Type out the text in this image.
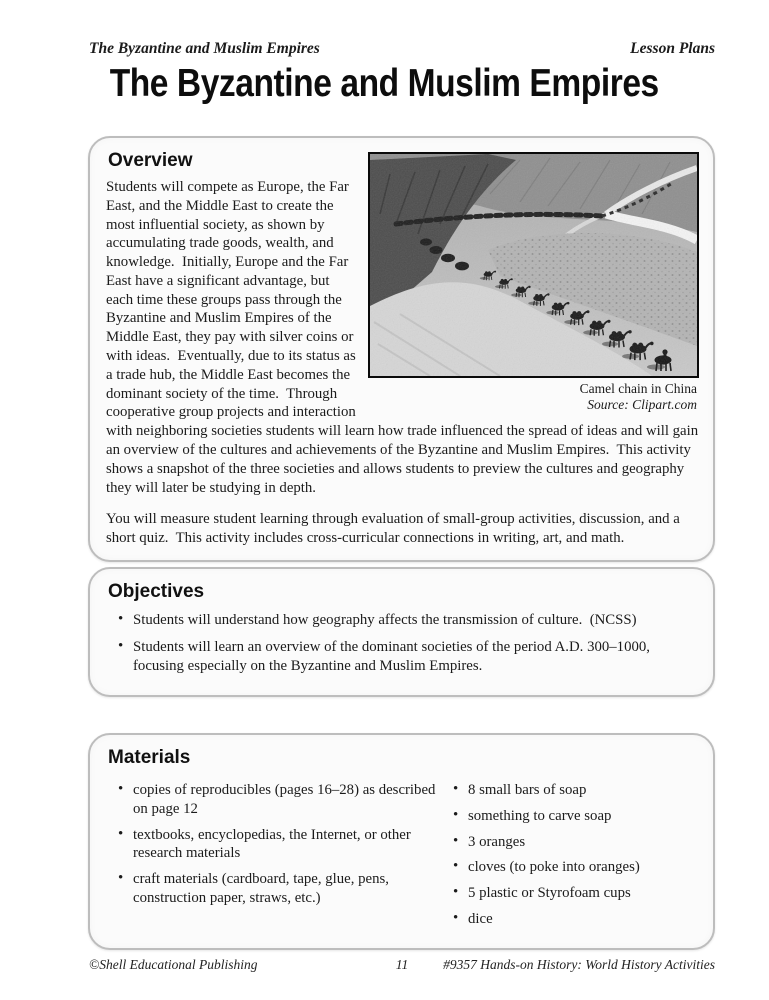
The Byzantine and Muslim Empires	Lesson Plans
The Byzantine and Muslim Empires
Camel chain in China
Source: Clipart.com
Overview

Students will compete as Europe, the Far East, and the Middle East to create the most influential society, as shown by accumulating trade goods, wealth, and knowledge.  Initially, Europe and the Far East have a significant advantage, but each time these groups pass through the Byzantine and Muslim Empires of the Middle East, they pay with silver coins or with ideas.  Eventually, due to its status as a trade hub, the Middle East becomes the dominant society of the time.  Through cooperative group projects and interaction with neighboring societies students will learn how trade influenced the spread of ideas and will gain an overview of the cultures and achievements of the Byzantine and Muslim Empires.  This activity shows a snapshot of the three societies and allows students to preview the cultures and geography they will later be studying in depth.

You will measure student learning through evaluation of small-group activities, discussion, and a short quiz.  This activity includes cross-curricular connections in writing, art, and math.

Objectives
• Students will understand how geography affects the transmission of culture.  (NCSS)
• Students will learn an overview of the dominant societies of the period A.D. 300–1000, focusing especially on the Byzantine and Muslim Empires.
Materials
• copies of reproducibles (pages 16–28) as described on page 12
• textbooks, encyclopedias, the Internet, or other research materials
• craft materials (cardboard, tape, glue, pens, construction paper, straws, etc.)
• 8 small bars of soap
• something to carve soap
• 3 oranges
• cloves (to poke into oranges)
• 5 plastic or Styrofoam cups
• dice
©Shell Educational Publishing	11	#9357 Hands-on History: World History Activities
